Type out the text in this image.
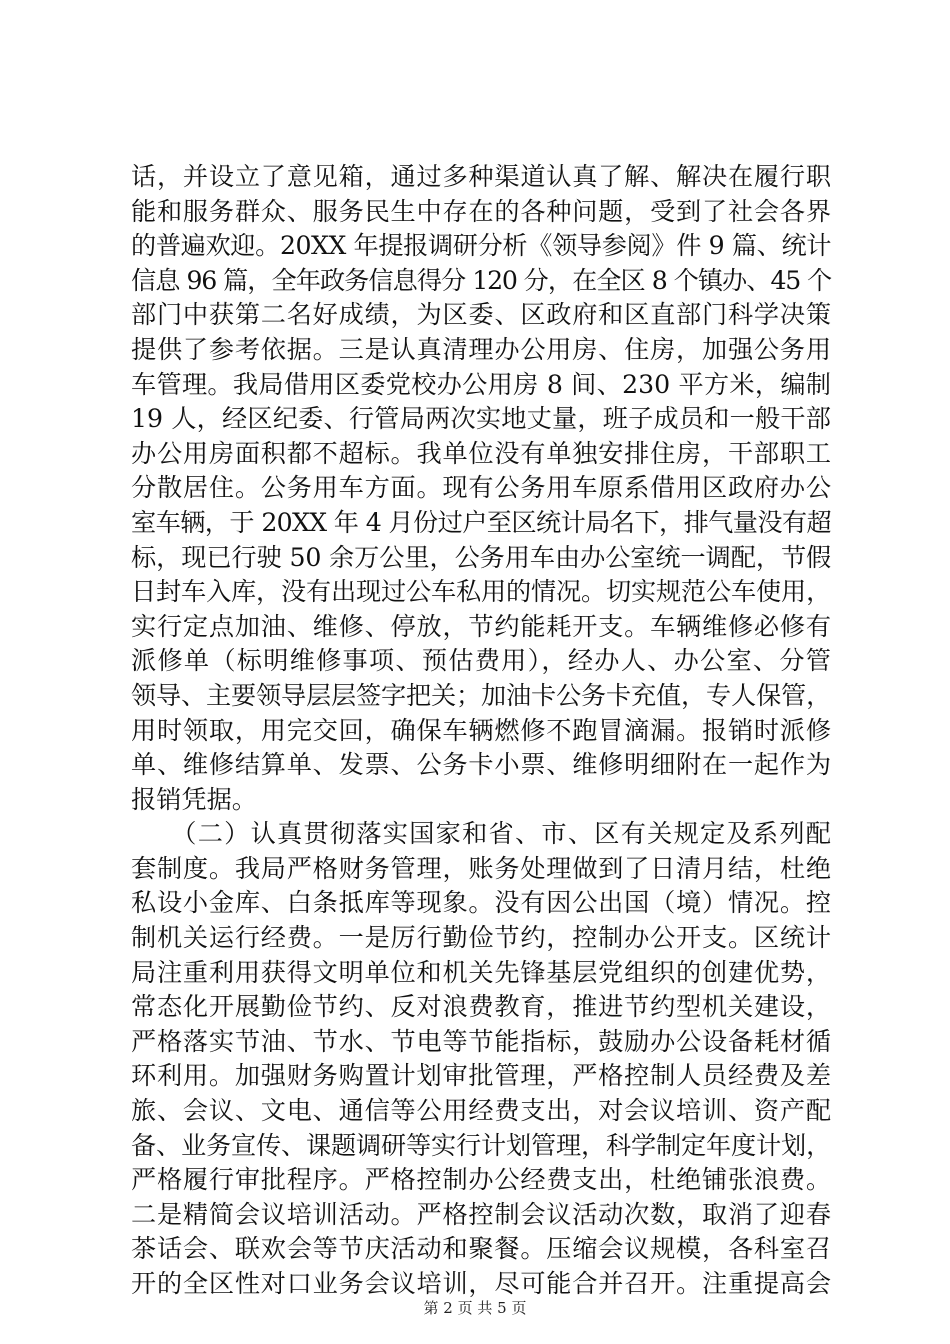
话，并设立了意见箱，通过多种渠道认真了解、解决在履行职
能和服务群众、服务民生中存在的各种问题，受到了社会各界
的普遍欢迎。20XX 年提报调研分析《领导参阅》件 9 篇、统计
信息 96 篇，全年政务信息得分 120 分，在全区 8 个镇办、45 个
部门中获第二名好成绩，为区委、区政府和区直部门科学决策
提供了参考依据。三是认真清理办公用房、住房，加强公务用
车管理。我局借用区委党校办公用房 8 间、230 平方米，编制
19 人，经区纪委、行管局两次实地丈量，班子成员和一般干部
办公用房面积都不超标。我单位没有单独安排住房，干部职工
分散居住。公务用车方面。现有公务用车原系借用区政府办公
室车辆，于 20XX 年 4 月份过户至区统计局名下，排气量没有超
标，现已行驶 50 余万公里，公务用车由办公室统一调配，节假
日封车入库，没有出现过公车私用的情况。切实规范公车使用，
实行定点加油、维修、停放，节约能耗开支。车辆维修必修有
派修单（标明维修事项、预估费用），经办人、办公室、分管
领导、主要领导层层签字把关；加油卡公务卡充值，专人保管，
用时领取，用完交回，确保车辆燃修不跑冒滴漏。报销时派修
单、维修结算单、发票、公务卡小票、维修明细附在一起作为
报销凭据。
　　（二）认真贯彻落实国家和省、市、区有关规定及系列配
套制度。我局严格财务管理，账务处理做到了日清月结，杜绝
私设小金库、白条抵库等现象。没有因公出国（境）情况。控
制机关运行经费。一是厉行勤俭节约，控制办公开支。区统计
局注重利用获得文明单位和机关先锋基层党组织的创建优势，
常态化开展勤俭节约、反对浪费教育，推进节约型机关建设，
严格落实节油、节水、节电等节能指标，鼓励办公设备耗材循
环利用。加强财务购置计划审批管理，严格控制人员经费及差
旅、会议、文电、通信等公用经费支出，对会议培训、资产配
备、业务宣传、课题调研等实行计划管理，科学制定年度计划，
严格履行审批程序。严格控制办公经费支出，杜绝铺张浪费。
二是精简会议培训活动。严格控制会议活动次数，取消了迎春
茶话会、联欢会等节庆活动和聚餐。压缩会议规模，各科室召
开的全区性对口业务会议培训，尽可能合并召开。注重提高会
第 2 页 共 5 页
